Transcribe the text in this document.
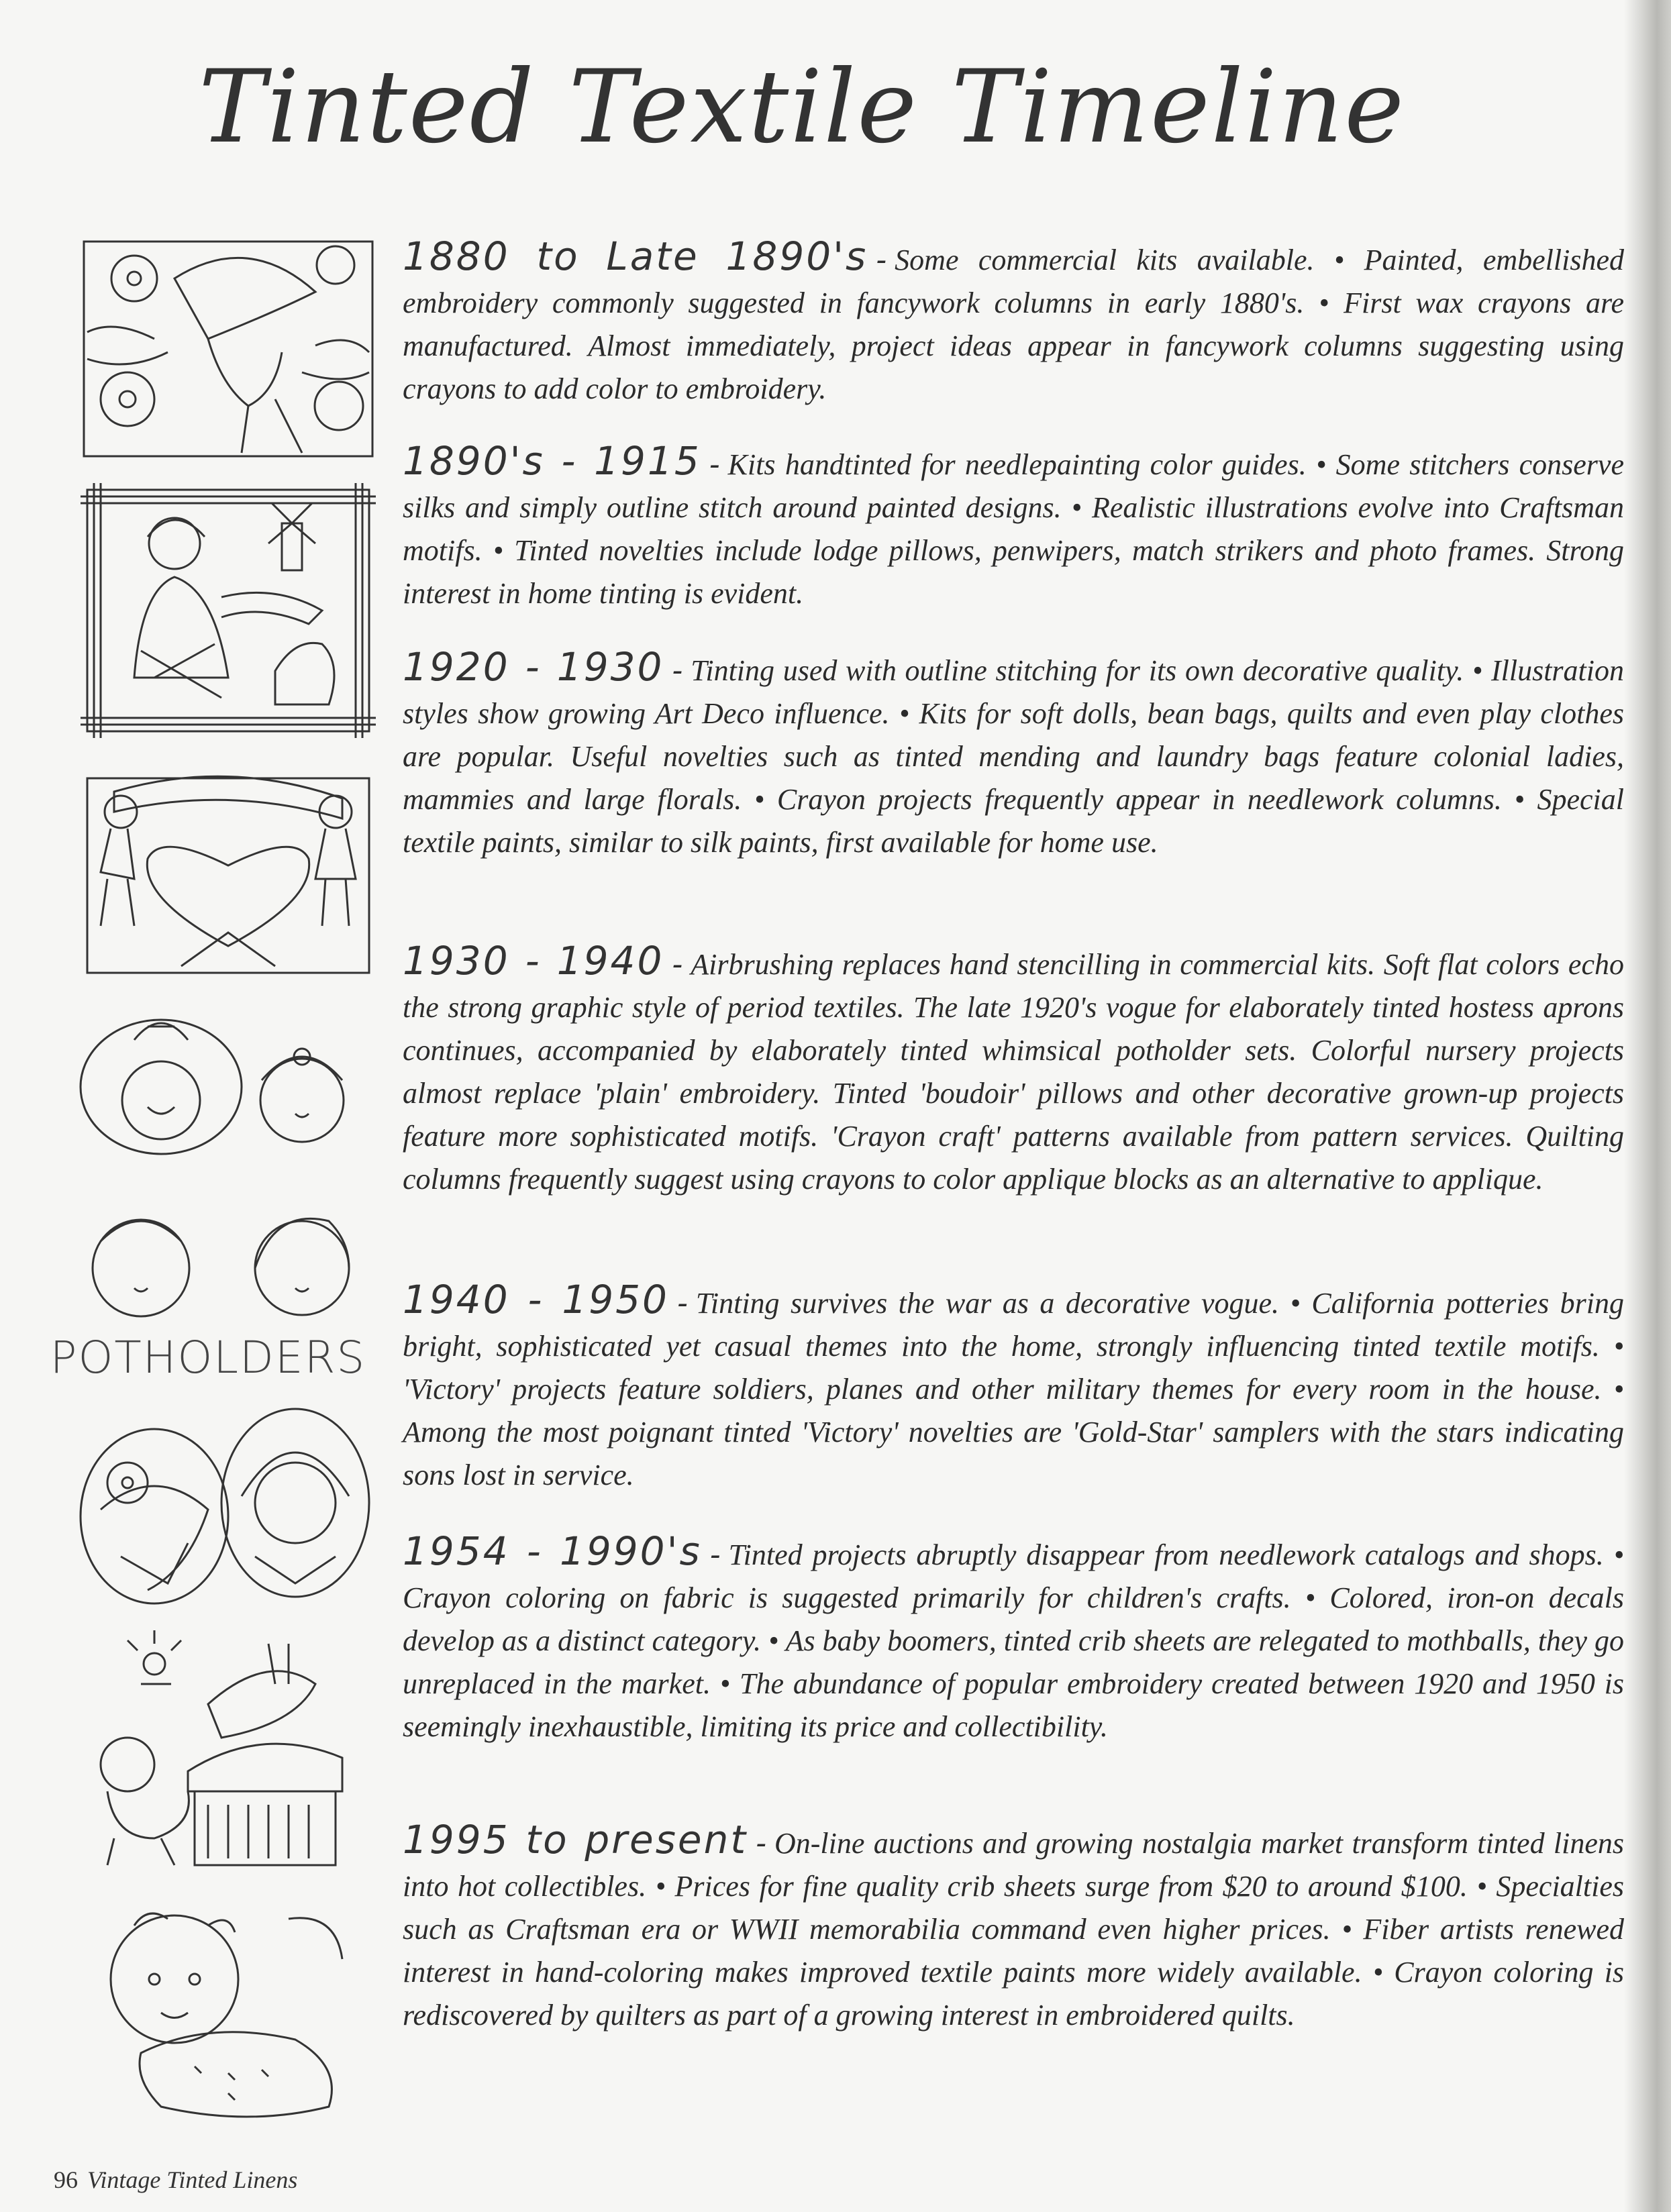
Tinted Textile Timeline
POTHOLDERS
1880 to Late 1890's - Some commercial kits available. • Painted, embellished embroidery commonly suggested in fancywork columns in early 1880's. • First wax crayons are manufactured. Almost immediately, project ideas appear in fancywork columns suggesting using crayons to add color to embroidery.
1890's - 1915 - Kits handtinted for needlepainting color guides. • Some stitchers conserve silks and simply outline stitch around painted designs. • Realistic illustrations evolve into Craftsman motifs. • Tinted novelties include lodge pillows, penwipers, match strikers and photo frames. Strong interest in home tinting is evident.
1920 - 1930 - Tinting used with outline stitching for its own decorative quality. • Illustration styles show growing Art Deco influence. • Kits for soft dolls, bean bags, quilts and even play clothes are popular. Useful novelties such as tinted mending and laundry bags feature colonial ladies, mammies and large florals. • Crayon projects frequently appear in needlework columns. • Special textile paints, similar to silk paints, first available for home use.
1930 - 1940 - Airbrushing replaces hand stencilling in commercial kits. Soft flat colors echo the strong graphic style of period textiles. The late 1920's vogue for elaborately tinted hostess aprons continues, accompanied by elaborately tinted whimsical potholder sets. Colorful nursery projects almost replace 'plain' embroidery. Tinted 'boudoir' pillows and other decorative grown-up projects feature more sophisticated motifs. 'Crayon craft' patterns available from pattern services. Quilting columns frequently suggest using crayons to color applique blocks as an alternative to applique.
1940 - 1950 - Tinting survives the war as a decorative vogue. • California potteries bring bright, sophisticated yet casual themes into the home, strongly influencing tinted textile motifs. • 'Victory' projects feature soldiers, planes and other military themes for every room in the house. • Among the most poignant tinted 'Victory' novelties are 'Gold-Star' samplers with the stars indicating sons lost in service.
1954 - 1990's - Tinted projects abruptly disappear from needlework catalogs and shops. • Crayon coloring on fabric is suggested primarily for children's crafts. • Colored, iron-on decals develop as a distinct category. • As baby boomers, tinted crib sheets are relegated to mothballs, they go unreplaced in the market. • The abundance of popular embroidery created between 1920 and 1950 is seemingly inexhaustible, limiting its price and collectibility.
1995 to present - On-line auctions and growing nostalgia market transform tinted linens into hot collectibles. • Prices for fine quality crib sheets surge from $20 to around $100. • Specialties such as Craftsman era or WWII memorabilia command even higher prices. • Fiber artists renewed interest in hand-coloring makes improved textile paints more widely available. • Crayon coloring is rediscovered by quilters as part of a growing interest in embroidered quilts.
96 Vintage Tinted Linens
